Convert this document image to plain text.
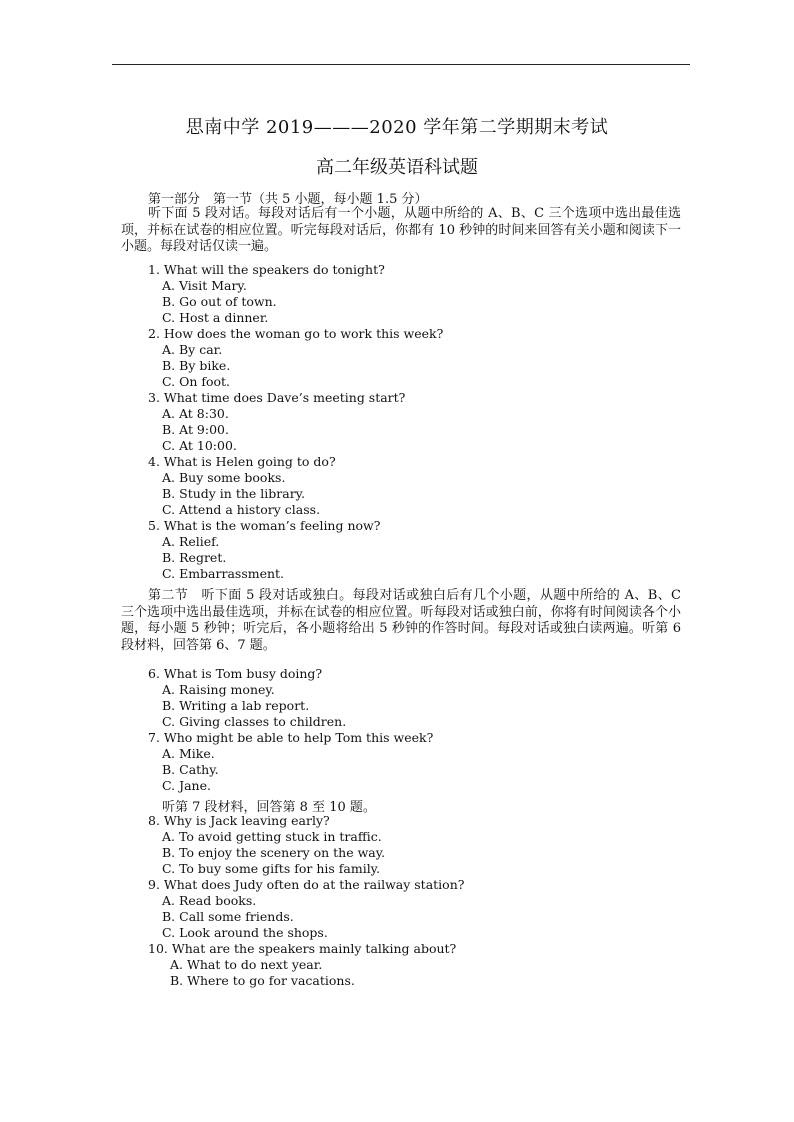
思南中学 2019———2020 学年第二学期期末考试
高二年级英语科试题
第一部分　第一节（共 5 小题，每小题 1.5 分）
听下面 5 段对话。每段对话后有一个小题，从题中所给的 A、B、C 三个选项中选出最佳选项，并标在试卷的相应位置。听完每段对话后，你都有 10 秒钟的时间来回答有关小题和阅读下一小题。每段对话仅读一遍。
1. What will the speakers do tonight?
A. Visit Mary.
B. Go out of town.
C. Host a dinner.
2. How does the woman go to work this week?
A. By car.
B. By bike.
C. On foot.
3. What time does Dave’s meeting start?
A. At 8:30.
B. At 9:00.
C. At 10:00.
4. What is Helen going to do?
A. Buy some books.
B. Study in the library.
C. Attend a history class.
5. What is the woman’s feeling now?
A. Relief.
B. Regret.
C. Embarrassment.
第二节　听下面 5 段对话或独白。每段对话或独白后有几个小题，从题中所给的 A、B、C 三个选项中选出最佳选项，并标在试卷的相应位置。听每段对话或独白前，你将有时间阅读各个小题，每小题 5 秒钟；听完后，各小题将给出 5 秒钟的作答时间。每段对话或独白读两遍。听第 6 段材料，回答第 6、7 题。
6. What is Tom busy doing?
A. Raising money.
B. Writing a lab report.
C. Giving classes to children.
7. Who might be able to help Tom this week?
A. Mike.
B. Cathy.
C. Jane.
听第 7 段材料，回答第 8 至 10 题。
8. Why is Jack leaving early?
A. To avoid getting stuck in traffic.
B. To enjoy the scenery on the way.
C. To buy some gifts for his family.
9. What does Judy often do at the railway station?
A. Read books.
B. Call some friends.
C. Look around the shops.
10. What are the speakers mainly talking about?
A. What to do next year.
B. Where to go for vacations.
